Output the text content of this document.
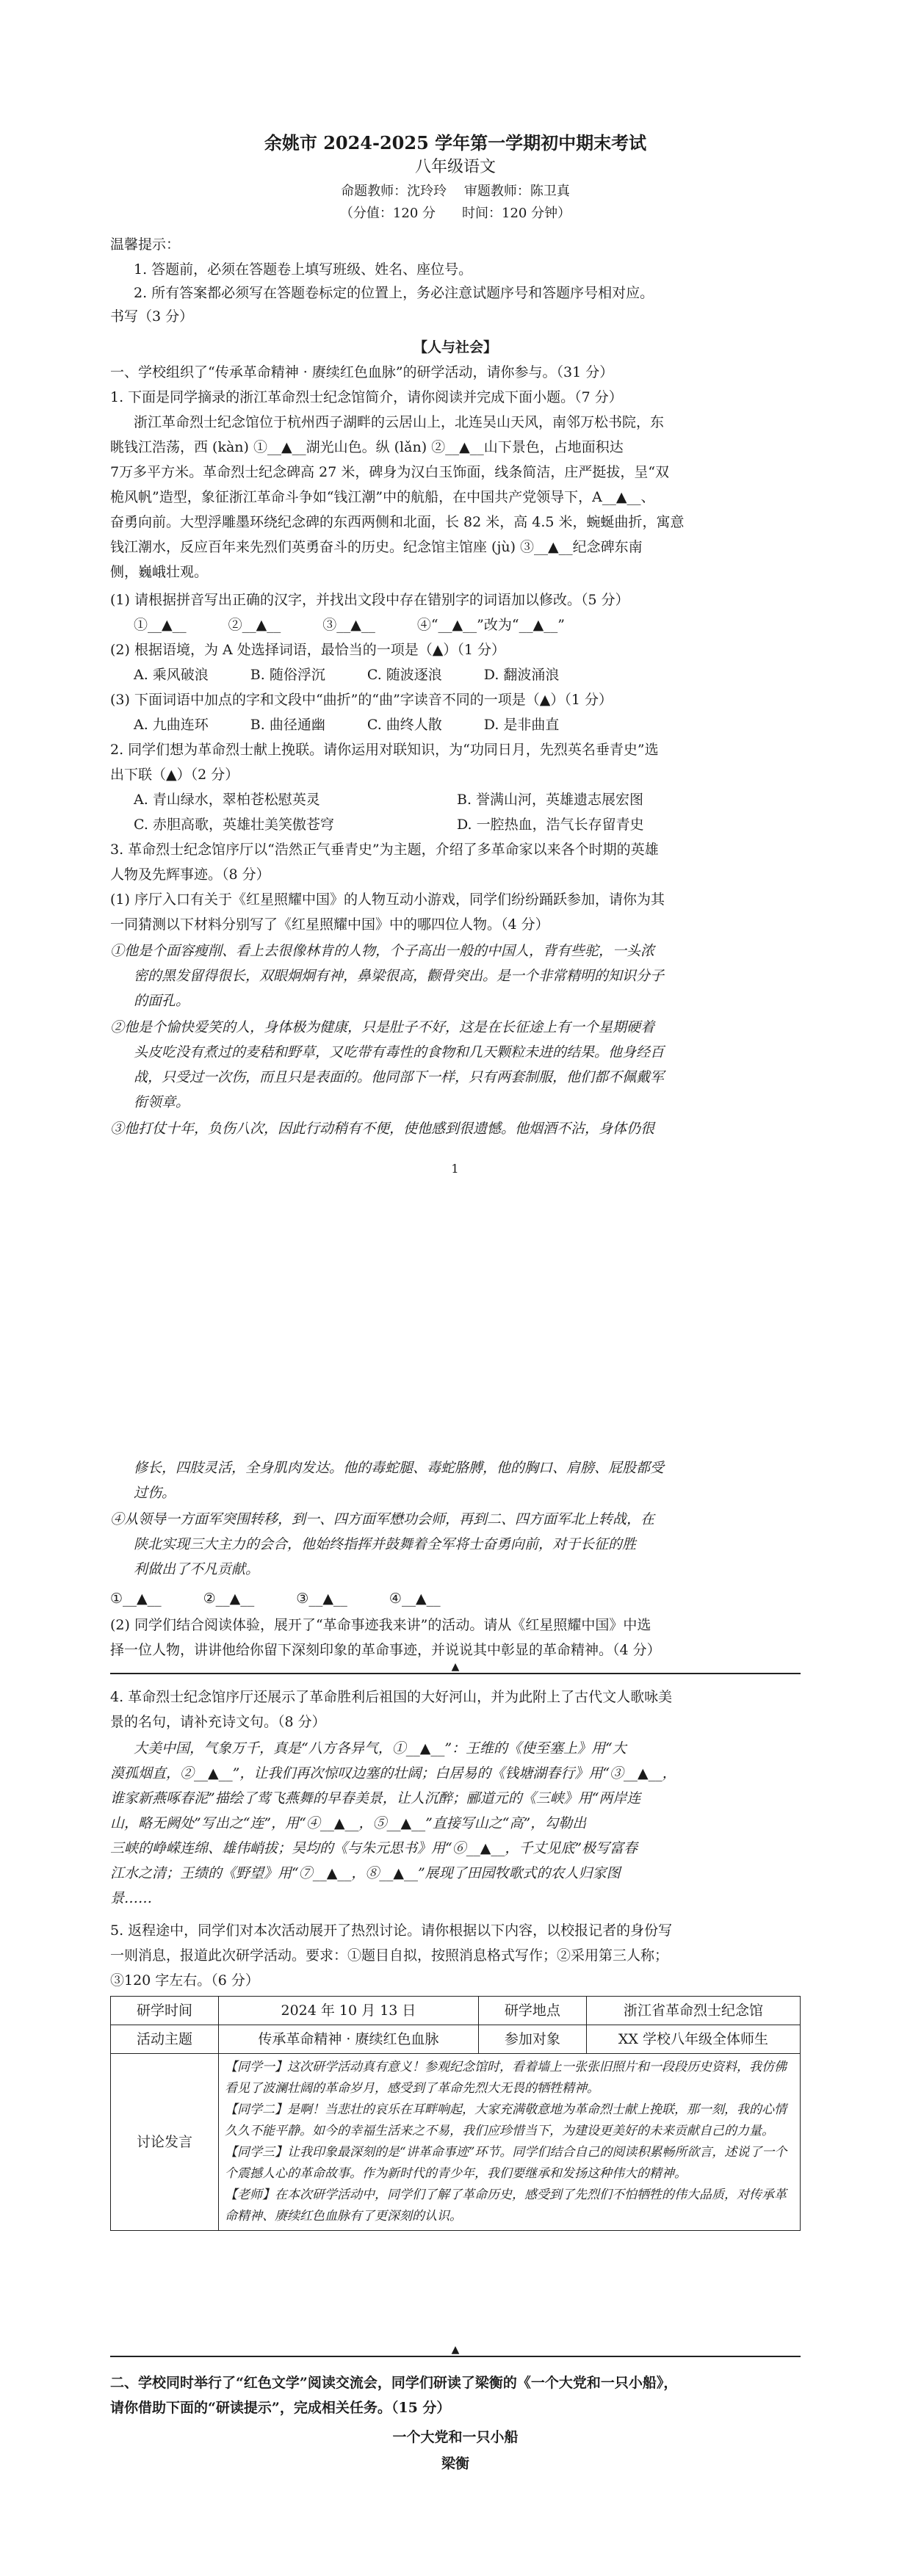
余姚市 2024-2025 学年第一学期初中期末考试
八年级语文
命题教师：沈玲玲　 审题教师：陈卫真
（分值：120 分　　时间：120 分钟）
温馨提示：
1. 答题前，必须在答题卷上填写班级、姓名、座位号。
2. 所有答案都必须写在答题卷标定的位置上，务必注意试题序号和答题序号相对应。
书写（3 分）
【人与社会】
一、学校组织了“传承革命精神 · 赓续红色血脉”的研学活动，请你参与。（31 分）
1. 下面是同学摘录的浙江革命烈士纪念馆简介，请你阅读并完成下面小题。（7 分）
浙江革命烈士纪念馆位于杭州西子湖畔的云居山上，北连吴山天风，南邻万松书院，东
眺钱江浩荡，西 (kàn) ①__▲__湖光山色。纵 (lǎn) ②__▲__山下景色，占地面积达
7万多平方米。革命烈士纪念碑高 27 米，碑身为汉白玉饰面，线条简洁，庄严挺拔，呈“双
桅风帆”造型，象征浙江革命斗争如“钱江潮”中的航船，在中国共产党领导下，A__▲__、
奋勇向前。大型浮雕墨环绕纪念碑的东西两侧和北面，长 82 米，高 4.5 米，蜿蜒曲折，寓意
钱江潮水，反应百年来先烈们英勇奋斗的历史。纪念馆主馆座 (jù) ③__▲__纪念碑东南
侧，巍峨壮观。
(1) 请根据拼音写出正确的汉字，并找出文段中存在错别字的词语加以修改。（5 分）
①__▲__　　　②__▲__　　　③__▲__　　　④“__▲__”改为“__▲__”
(2) 根据语境，为 A 处选择词语，最恰当的一项是（▲）（1 分）
A. 乘风破浪　　　B. 随俗浮沉　　　C. 随波逐浪　　　D. 翻波涌浪
(3) 下面词语中加点的字和文段中“曲折”的“曲”字读音不同的一项是（▲）（1 分）
A. 九曲连环　　　B. 曲径通幽　　　C. 曲终人散　　　D. 是非曲直
2. 同学们想为革命烈士献上挽联。请你运用对联知识，为“功同日月，先烈英名垂青史”选
出下联（▲）（2 分）
A. 青山绿水，翠柏苍松慰英灵	B. 誉满山河，英雄遗志展宏图
C. 赤胆高歌，英雄壮美笑傲苍穹	D. 一腔热血，浩气长存留青史
3. 革命烈士纪念馆序厅以“浩然正气垂青史”为主题，介绍了多革命家以来各个时期的英雄
人物及先辉事迹。（8 分）
(1) 序厅入口有关于《红星照耀中国》的人物互动小游戏，同学们纷纷踊跃参加，请你为其
一同猜测以下材料分别写了《红星照耀中国》中的哪四位人物。（4 分）
①他是个面容瘦削、看上去很像林肯的人物，个子高出一般的中国人，背有些驼，一头浓
密的黑发留得很长，双眼炯炯有神，鼻梁很高，颧骨突出。是一个非常精明的知识分子
的面孔。
②他是个愉快爱笑的人，身体极为健康，只是肚子不好，这是在长征途上有一个星期硬着
头皮吃没有煮过的麦秸和野草，又吃带有毒性的食物和几天颗粒未进的结果。他身经百
战，只受过一次伤，而且只是表面的。他同部下一样，只有两套制服，他们都不佩戴军
衔领章。
③他打仗十年，负伤八次，因此行动稍有不便，使他感到很遗憾。他烟酒不沾，身体仍很
1
修长，四肢灵活，全身肌肉发达。他的毒蛇腿、毒蛇胳膊，他的胸口、肩膀、屁股都受
过伤。
④从领导一方面军突围转移，到一、四方面军懋功会师，再到二、四方面军北上转战，在
陕北实现三大主力的会合，他始终指挥并鼓舞着全军将士奋勇向前，对于长征的胜
利做出了不凡贡献。
①__▲__　　　②__▲__　　　③__▲__　　　④__▲__
(2) 同学们结合阅读体验，展开了“革命事迹我来讲”的活动。请从《红星照耀中国》中选
择一位人物，讲讲他给你留下深刻印象的革命事迹，并说说其中彰显的革命精神。（4 分）
▲
4. 革命烈士纪念馆序厅还展示了革命胜利后祖国的大好河山，并为此附上了古代文人歌咏美
景的名句，请补充诗文句。（8 分）
大美中国，气象万千，真是“八方各异气，①__▲__”：王维的《使至塞上》用“大
漠孤烟直，②__▲__”，让我们再次惊叹边塞的壮阔；白居易的《钱塘湖春行》用“③__▲__，
谁家新燕啄春泥”描绘了莺飞燕舞的早春美景，让人沉醉；郦道元的《三峡》用“两岸连
山，略无阙处”写出之“连”，用“④__▲__，⑤__▲__”直接写山之“高”，勾勒出
三峡的峥嵘连绵、雄伟峭拔；吴均的《与朱元思书》用“⑥__▲__，千丈见底”极写富春
江水之清；王绩的《野望》用“⑦__▲__，⑧__▲__”展现了田园牧歌式的农人归家图
景……
5. 返程途中，同学们对本次活动展开了热烈讨论。请你根据以下内容，以校报记者的身份写
一则消息，报道此次研学活动。要求：①题目自拟，按照消息格式写作；②采用第三人称；
③120 字左右。（6 分）
研学时间	2024 年 10 月 13 日	研学地点	浙江省革命烈士纪念馆
活动主题	传承革命精神 · 赓续红色血脉	参加对象	XX 学校八年级全体师生
讨论发言	【同学一】这次研学活动真有意义！参观纪念馆时，看着墙上一张张旧照片和一段段历史资料，我仿佛看见了波澜壮阔的革命岁月，感受到了革命先烈大无畏的牺牲精神。

【同学二】是啊！当悲壮的哀乐在耳畔响起，大家充满敬意地为革命烈士献上挽联，那一刻，我的心情久久不能平静。如今的幸福生活来之不易，我们应珍惜当下，为建设更美好的未来贡献自己的力量。

【同学三】让我印象最深刻的是“讲革命事迹”环节。同学们结合自己的阅读积累畅所欲言，述说了一个个震撼人心的革命故事。作为新时代的青少年，我们要继承和发扬这种伟大的精神。

【老师】在本次研学活动中，同学们了解了革命历史，感受到了先烈们不怕牺牲的伟大品质，对传承革命精神、赓续红色血脉有了更深刻的认识。		

▲
二、学校同时举行了“红色文学”阅读交流会，同学们研读了梁衡的《一个大党和一只小船》，
请你借助下面的“研读提示”，完成相关任务。（15 分）
一个大党和一只小船
梁衡
